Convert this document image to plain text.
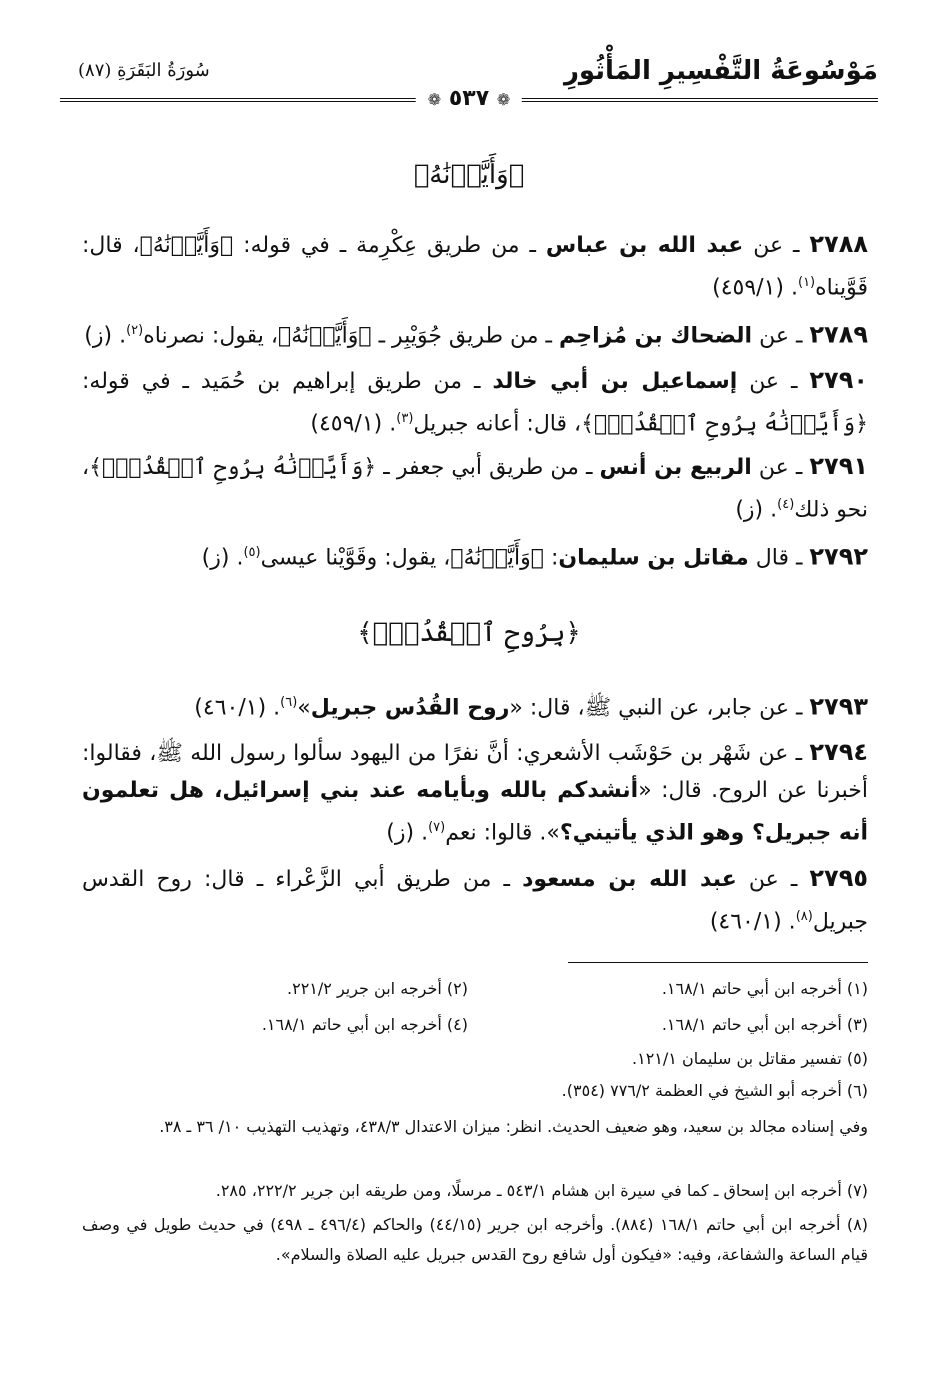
مَوْسُوعَةُ التَّفْسِيرِ المَأْثُورِ
سُورَةُ البَقَرَةِ (٨٧)
❁ ٥٣٧ ❁
﴿وَأَيَّدۡنَٰهُ﴾
٢٧٨٨ ـ عن عبد الله بن عباس ـ من طريق عِكْرِمة ـ في قوله: ﴿وَأَيَّدۡنَٰهُ﴾، قال: قَوَّيناه$^{(١)}$. (٤٥٩/١)
٢٧٨٩ ـ عن الضحاك بن مُزاحِم ـ من طريق جُوَيْبِر ـ ﴿وَأَيَّدۡنَٰهُ﴾، يقول: نصرناه$^{(٢)}$. (ز)
٢٧٩٠ ـ عن إسماعيل بن أبي خالد ـ من طريق إبراهيم بن حُمَيد ـ في قوله: ﴿وَأَيَّدۡنَٰهُ بِرُوحِ ٱلۡقُدُسِۗ﴾، قال: أعانه جبريل$^{(٣)}$. (٤٥٩/١)
٢٧٩١ ـ عن الربيع بن أنس ـ من طريق أبي جعفر ـ ﴿وَأَيَّدۡنَٰهُ بِرُوحِ ٱلۡقُدُسِۗ﴾، نحو ذلك$^{(٤)}$. (ز)
٢٧٩٢ ـ قال مقاتل بن سليمان: ﴿وَأَيَّدۡنَٰهُ﴾، يقول: وقَوَّيْنا عيسى$^{(٥)}$. (ز)
﴿بِرُوحِ ٱلۡقُدُسِۗ﴾
٢٧٩٣ ـ عن جابر، عن النبي ﷺ، قال: «روح القُدُس جبريل»$^{(٦)}$. (٤٦٠/١)
٢٧٩٤ ـ عن شَهْر بن حَوْشَب الأشعري: أنَّ نفرًا من اليهود سألوا رسول الله ﷺ، فقالوا: أخبرنا عن الروح. قال: «أنشدكم بالله وبأيامه عند بني إسرائيل، هل تعلمون أنه جبريل؟ وهو الذي يأتيني؟». قالوا: نعم$^{(٧)}$. (ز)
٢٧٩٥ ـ عن عبد الله بن مسعود ـ من طريق أبي الزَّعْراء ـ قال: روح القدس جبريل$^{(٨)}$. (٤٦٠/١)
(١) أخرجه ابن أبي حاتم ١٦٨/١.
(٢) أخرجه ابن جرير ٢٢١/٢.
(٣) أخرجه ابن أبي حاتم ١٦٨/١.
(٤) أخرجه ابن أبي حاتم ١٦٨/١.
(٥) تفسير مقاتل بن سليمان ١٢١/١.
(٦) أخرجه أبو الشيخ في العظمة ٧٧٦/٢ (٣٥٤).
وفي إسناده مجالد بن سعيد، وهو ضعيف الحديث. انظر: ميزان الاعتدال ٤٣٨/٣، وتهذيب التهذيب ١٠/ ٣٦ ـ ٣٨.
(٧) أخرجه ابن إسحاق ـ كما في سيرة ابن هشام ٥٤٣/١ ـ مرسلًا، ومن طريقه ابن جرير ٢٢٢/٢، ٢٨٥.
(٨) أخرجه ابن أبي حاتم ١٦٨/١ (٨٨٤). وأخرجه ابن جرير (٤٤/١٥) والحاكم (٤٩٦/٤ ـ ٤٩٨) في حديث طويل في وصف قيام الساعة والشفاعة، وفيه: «فيكون أول شافع روح القدس جبريل عليه الصلاة والسلام».
